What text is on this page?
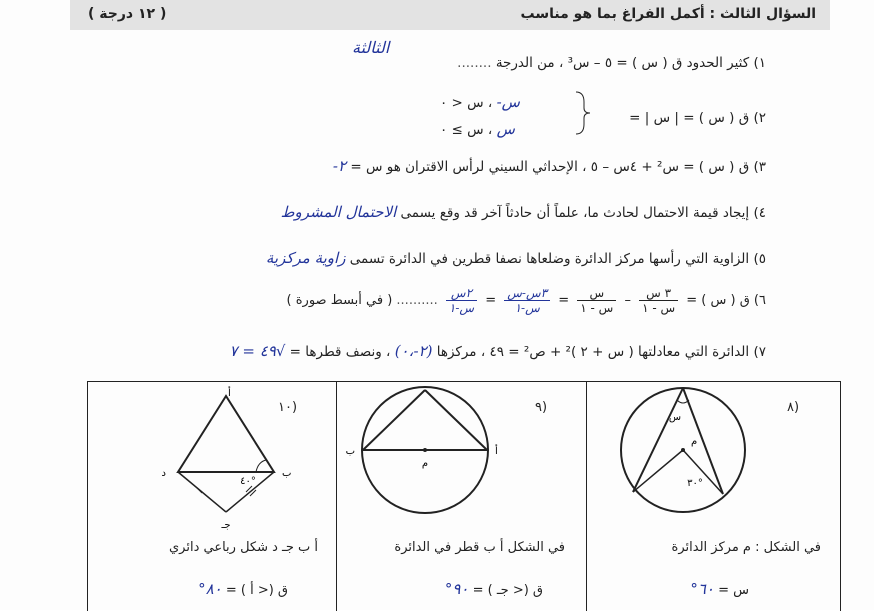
السؤال الثالث : أكمل الفراغ بما هو مناسب
( ١٢ درجة )
١) كثير الحدود ق ( س ) = ٥ – س³ ، من الدرجة ........
الثالثة
٢) ق ( س ) = | س | =
س- ، س < ٠
س ، س ≥ ٠
٣) ق ( س ) = س² + ٤س – ٥ ، الإحداثي السيني لرأس الاقتران هو س = ٢-
٤) إيجاد قيمة الاحتمال لحادث ما، علماً أن حادثاً آخر قد وقع يسمى الاحتمال المشروط
٥) الزاوية التي رأسها مركز الدائرة وضلعاها نصفا قطرين في الدائرة تسمى زاوية مركزية
٦) ق ( س ) =
$\frac{\text{٣ س}}{\text{س - ١}}$
–
$\frac{\text{س}}{\text{س - ١}}$
=
$\frac{\text{٣س-س}}{\text{س-١}}$
=
$\frac{\text{٢س}}{\text{س-١}}$
.......... ( في أبسط صورة )
٧) الدائرة التي معادلتها ( س + ٢ )² + ص² = ٤٩ ، مركزها (٢-،٠) ، ونصف قطرها = √٤٩ = ٧
أ
ب
د
٤٠°
جـ
(١٠
أ ب جـ د شكل رباعي دائري
ق (< أ ) = ٨٠°
ب	أ
م
(٩
في الشكل أ ب قطر في الدائرة
ق (< جـ ) = ٩٠°
س
م
٣٠°
(٨
في الشكل : م مركز الدائرة
س = ٦٠°
